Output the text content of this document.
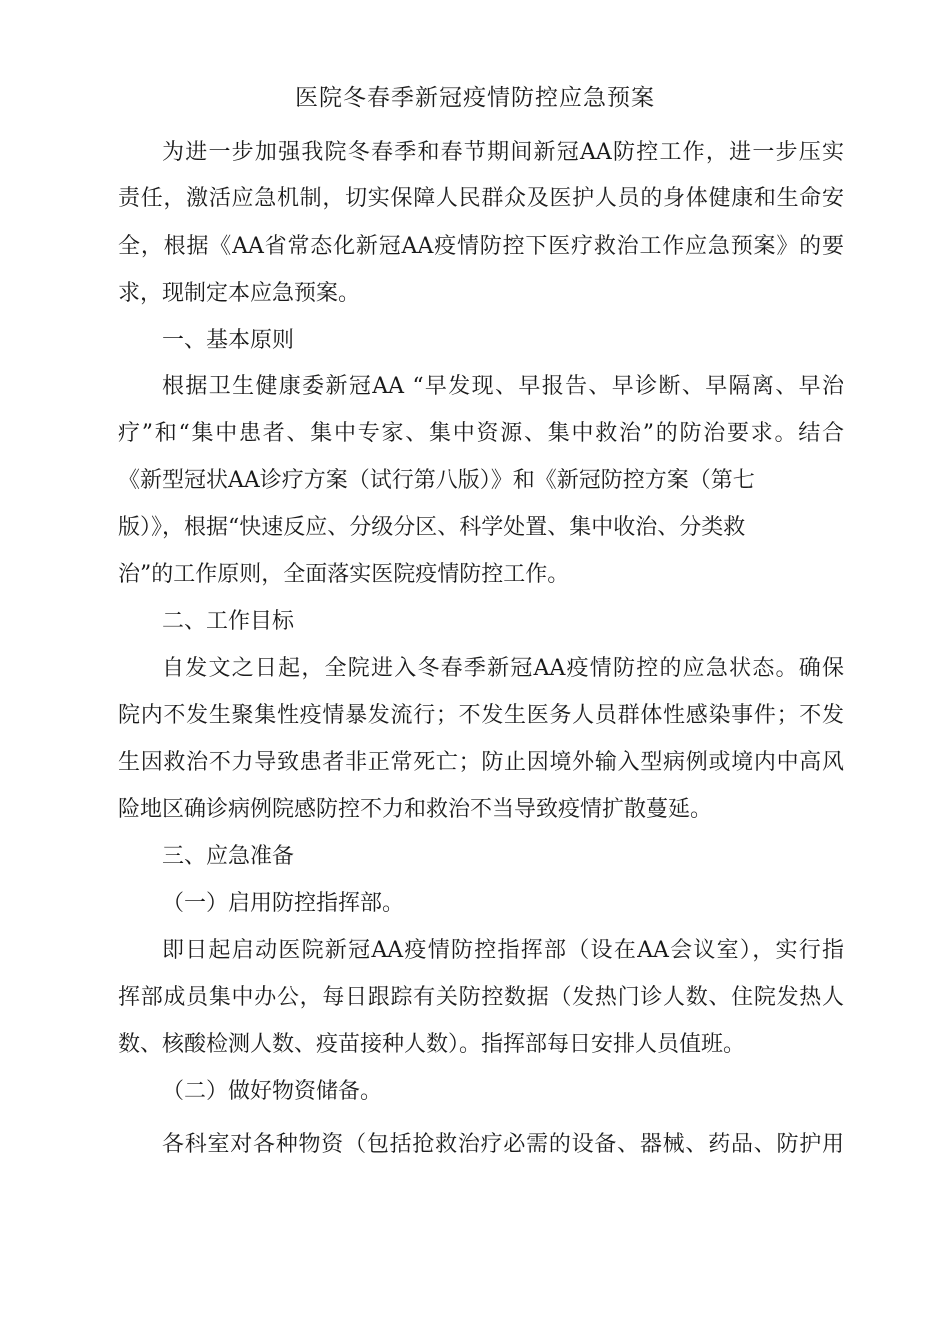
医院冬春季新冠疫情防控应急预案
为进一步加强我院冬春季和春节期间新冠AA防控工作，进一步压实
责任，激活应急机制，切实保障人民群众及医护人员的身体健康和生命安
全，根据《AA省常态化新冠AA疫情防控下医疗救治工作应急预案》的要
求，现制定本应急预案。
一、基本原则
根据卫生健康委新冠AA “早发现、早报告、早诊断、早隔离、早治
疗”和“集中患者、集中专家、集中资源、集中救治”的防治要求。结合
《新型冠状AA诊疗方案（试行第八版）》和《新冠防控方案（第七
版）》，根据“快速反应、分级分区、科学处置、集中收治、分类救
治”的工作原则，全面落实医院疫情防控工作。
二、工作目标
自发文之日起，全院进入冬春季新冠AA疫情防控的应急状态。确保
院内不发生聚集性疫情暴发流行；不发生医务人员群体性感染事件；不发
生因救治不力导致患者非正常死亡；防止因境外输入型病例或境内中高风
险地区确诊病例院感防控不力和救治不当导致疫情扩散蔓延。
三、应急准备
（一）启用防控指挥部。
即日起启动医院新冠AA疫情防控指挥部（设在AA会议室），实行指
挥部成员集中办公，每日跟踪有关防控数据（发热门诊人数、住院发热人
数、核酸检测人数、疫苗接种人数）。指挥部每日安排人员值班。
（二）做好物资储备。
各科室对各种物资（包括抢救治疗必需的设备、器械、药品、防护用
